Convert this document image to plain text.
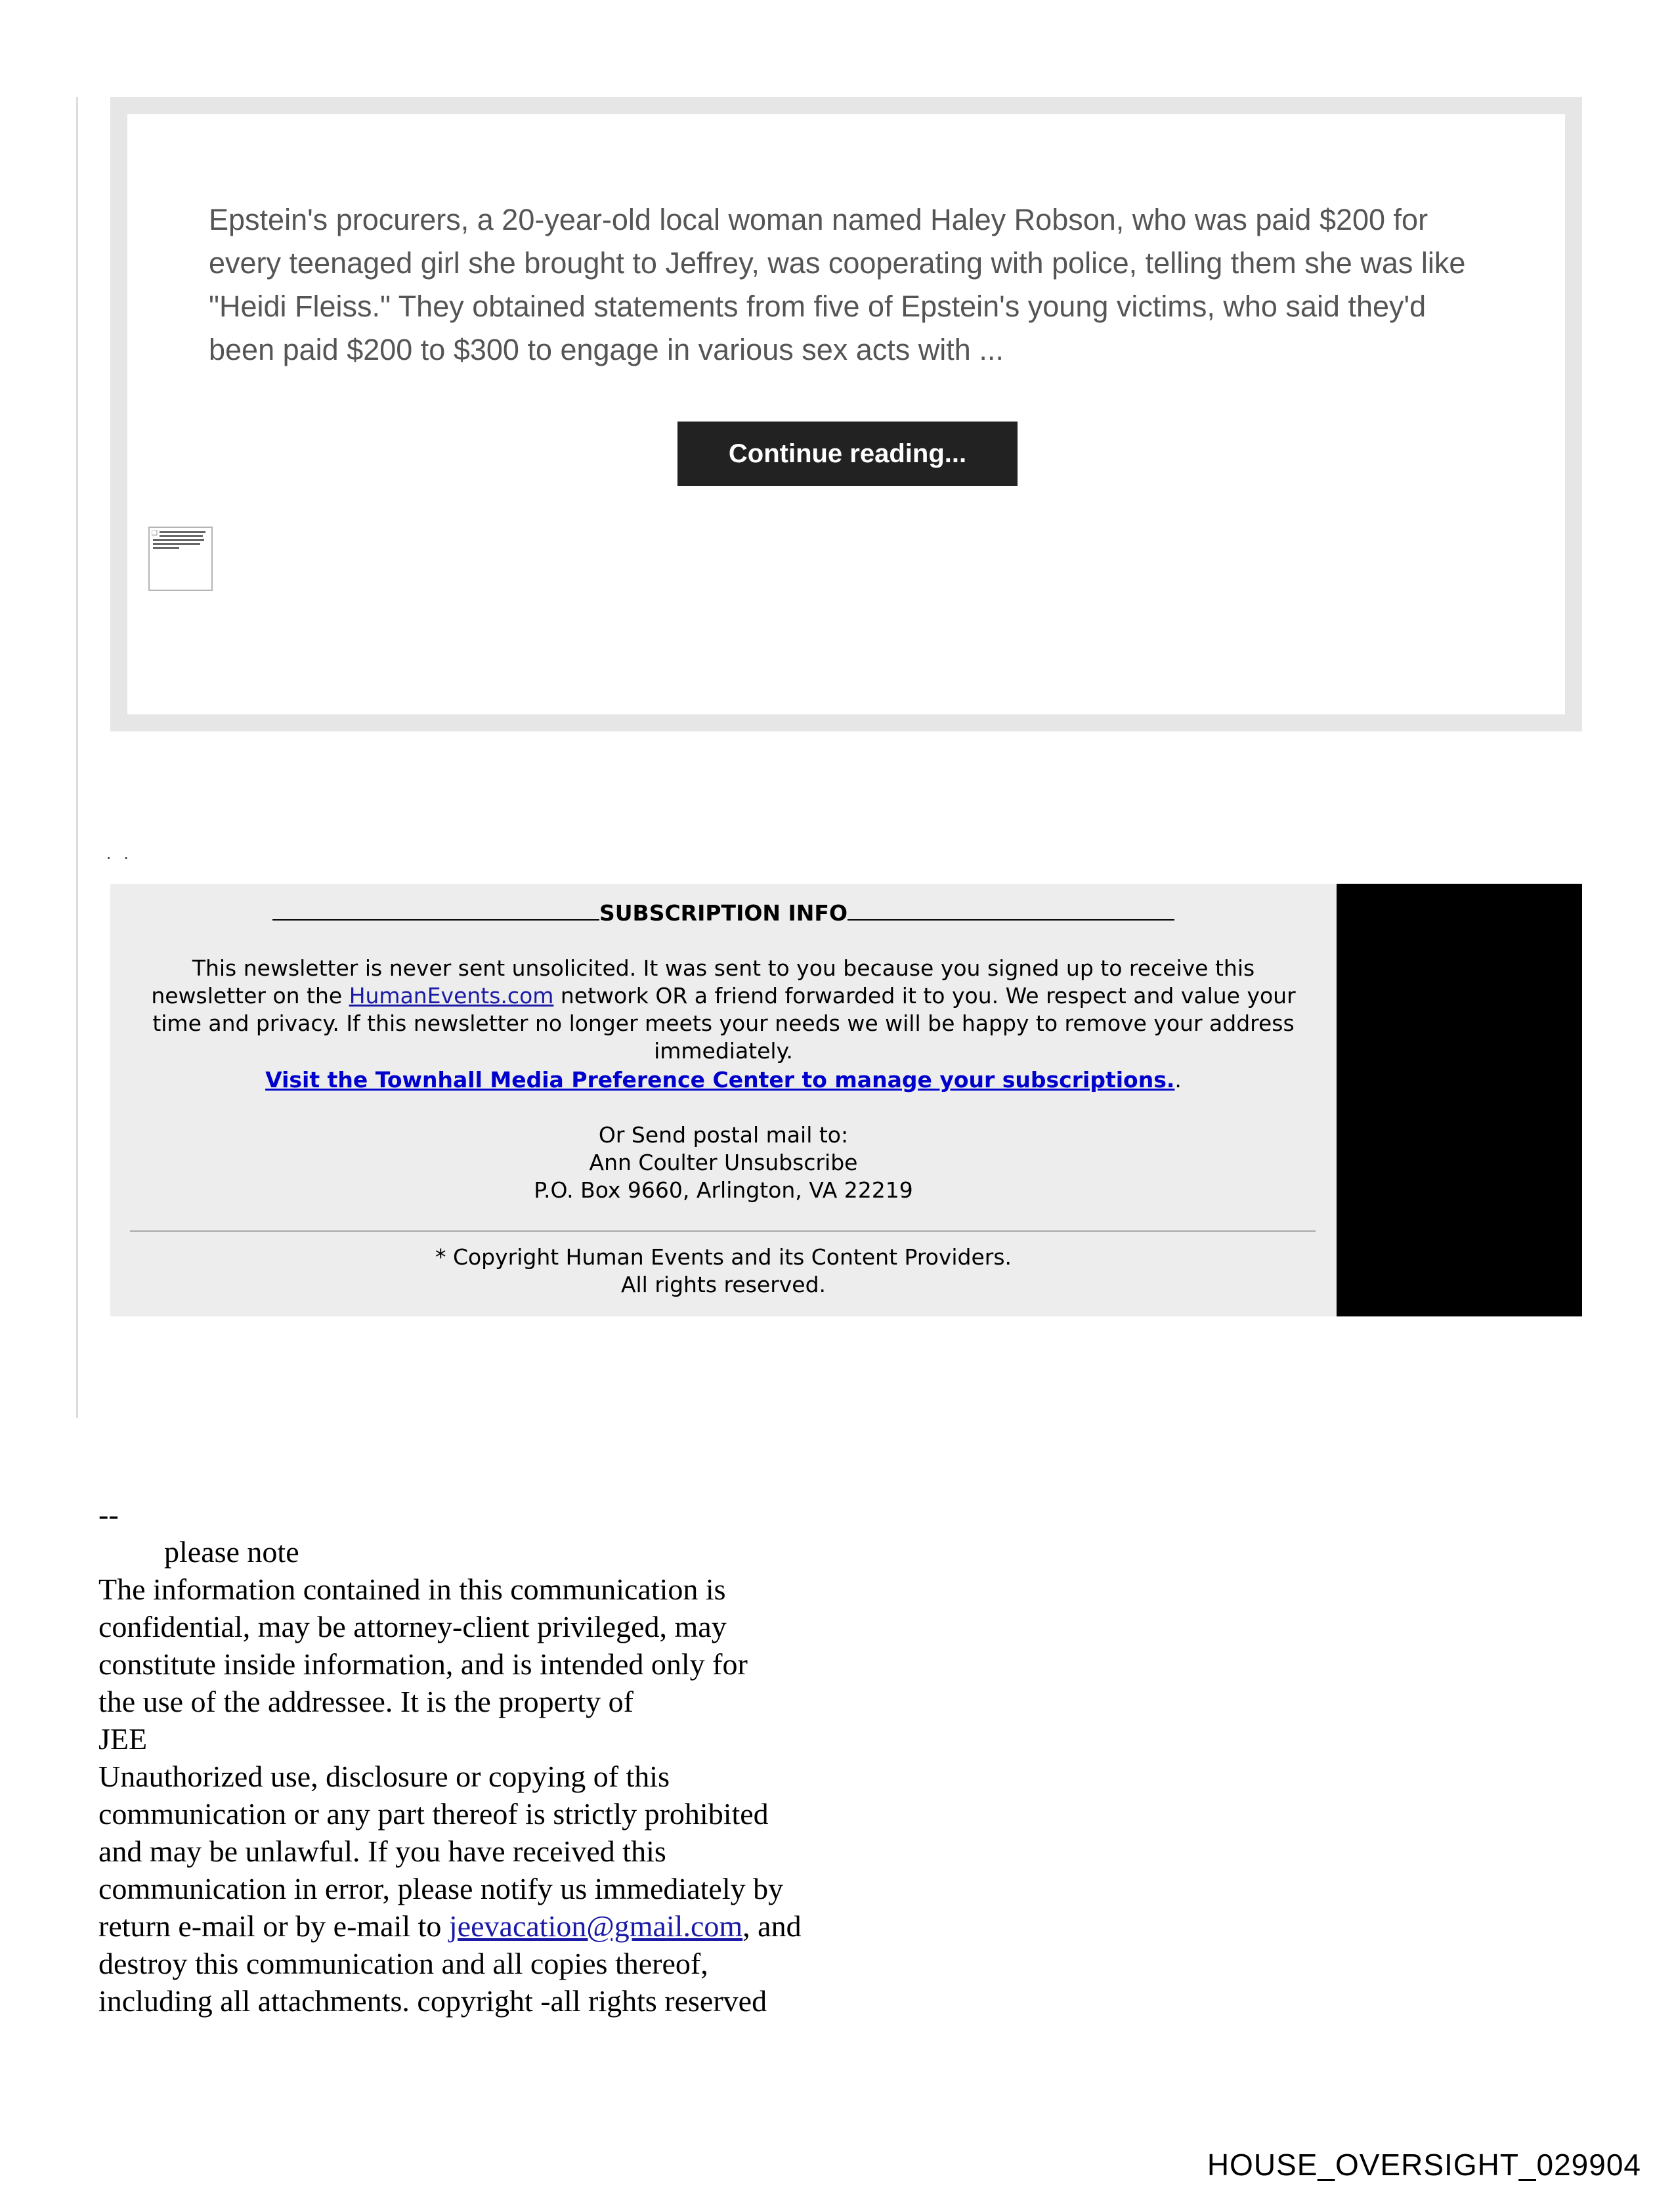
Epstein's procurers, a 20-year-old local woman named Haley Robson, who was paid $200 for every teenaged girl she brought to Jeffrey, was cooperating with police, telling them she was like "Heidi Fleiss." They obtained statements from five of Epstein's young victims, who said they'd been paid $200 to $300 to engage in various sex acts with ...
Continue reading...
. .
SUBSCRIPTION INFO
This newsletter is never sent unsolicited. It was sent to you because you signed up to receive this newsletter on the HumanEvents.com network OR a friend forwarded it to you. We respect and value your time and privacy. If this newsletter no longer meets your needs we will be happy to remove your address immediately.
Visit the Townhall Media Preference Center to manage your subscriptions..
Or Send postal mail to:
Ann Coulter Unsubscribe
P.O. Box 9660, Arlington, VA 22219
* Copyright Human Events and its Content Providers.
All rights reserved.
--
please note
The information contained in this communication is
confidential, may be attorney-client privileged, may
constitute inside information, and is intended only for
the use of the addressee. It is the property of
JEE
Unauthorized use, disclosure or copying of this
communication or any part thereof is strictly prohibited
and may be unlawful. If you have received this
communication in error, please notify us immediately by
return e-mail or by e-mail to jeevacation@gmail.com, and
destroy this communication and all copies thereof,
including all attachments. copyright -all rights reserved
HOUSE_OVERSIGHT_029904
